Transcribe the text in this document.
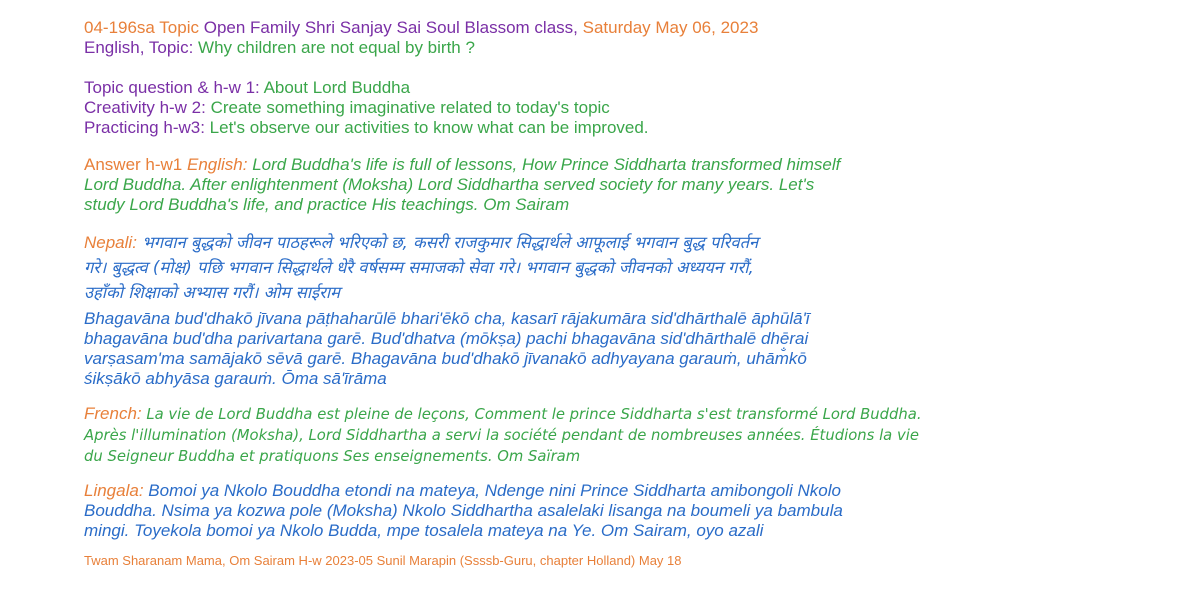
04-196sa Topic Open Family Shri Sanjay Sai Soul Blassom class, Saturday May 06, 2023
English, Topic: Why children are not equal by birth ?
Topic question & h-w 1: About Lord Buddha
Creativity h-w 2: Create something imaginative related to today's topic
Practicing h-w3: Let's observe our activities to know what can be improved.
Answer h-w1 English: Lord Buddha's life is full of lessons, How Prince Siddharta transformed himself
Lord Buddha. After enlightenment (Moksha) Lord Siddhartha served society for many years. Let's
study Lord Buddha's life, and practice His teachings. Om Sairam
Nepali: भगवान बुद्धको जीवन पाठहरूले भरिएको छ, कसरी राजकुमार सिद्धार्थले आफूलाई भगवान बुद्ध परिवर्तन
गरे। बुद्धत्व (मोक्ष) पछि भगवान सिद्धार्थले धेरै वर्षसम्म समाजको सेवा गरे। भगवान बुद्धको जीवनको अध्ययन गरौं,
उहाँको शिक्षाको अभ्यास गरौं। ओम साईराम
Bhagavāna bud'dhakō jīvana pāṭhaharūlē bhari'ēkō cha, kasarī rājakumāra sid'dhārthalē āphūlā'ī
bhagavāna bud'dha parivartana garē. Bud'dhatva (mōkṣa) pachi bhagavāna sid'dhārthalē dhērai
varṣasam'ma samājakō sēvā garē. Bhagavāna bud'dhakō jīvanakō adhyayana garauṁ, uhām̐kō
śikṣākō abhyāsa garauṁ. Ōma sā'īrāma
French: La vie de Lord Buddha est pleine de leçons, Comment le prince Siddharta s'est transformé Lord Buddha.
Après l'illumination (Moksha), Lord Siddhartha a servi la société pendant de nombreuses années. Étudions la vie
du Seigneur Buddha et pratiquons Ses enseignements. Om Saïram
Lingala: Bomoi ya Nkolo Bouddha etondi na mateya, Ndenge nini Prince Siddharta amibongoli Nkolo
Bouddha. Nsima ya kozwa pole (Moksha) Nkolo Siddhartha asalelaki lisanga na boumeli ya bambula
mingi. Toyekola bomoi ya Nkolo Budda, mpe tosalela mateya na Ye. Om Sairam, oyo azali
Twam Sharanam Mama, Om Sairam H-w 2023-05 Sunil Marapin (Ssssb-Guru, chapter Holland) May 18
